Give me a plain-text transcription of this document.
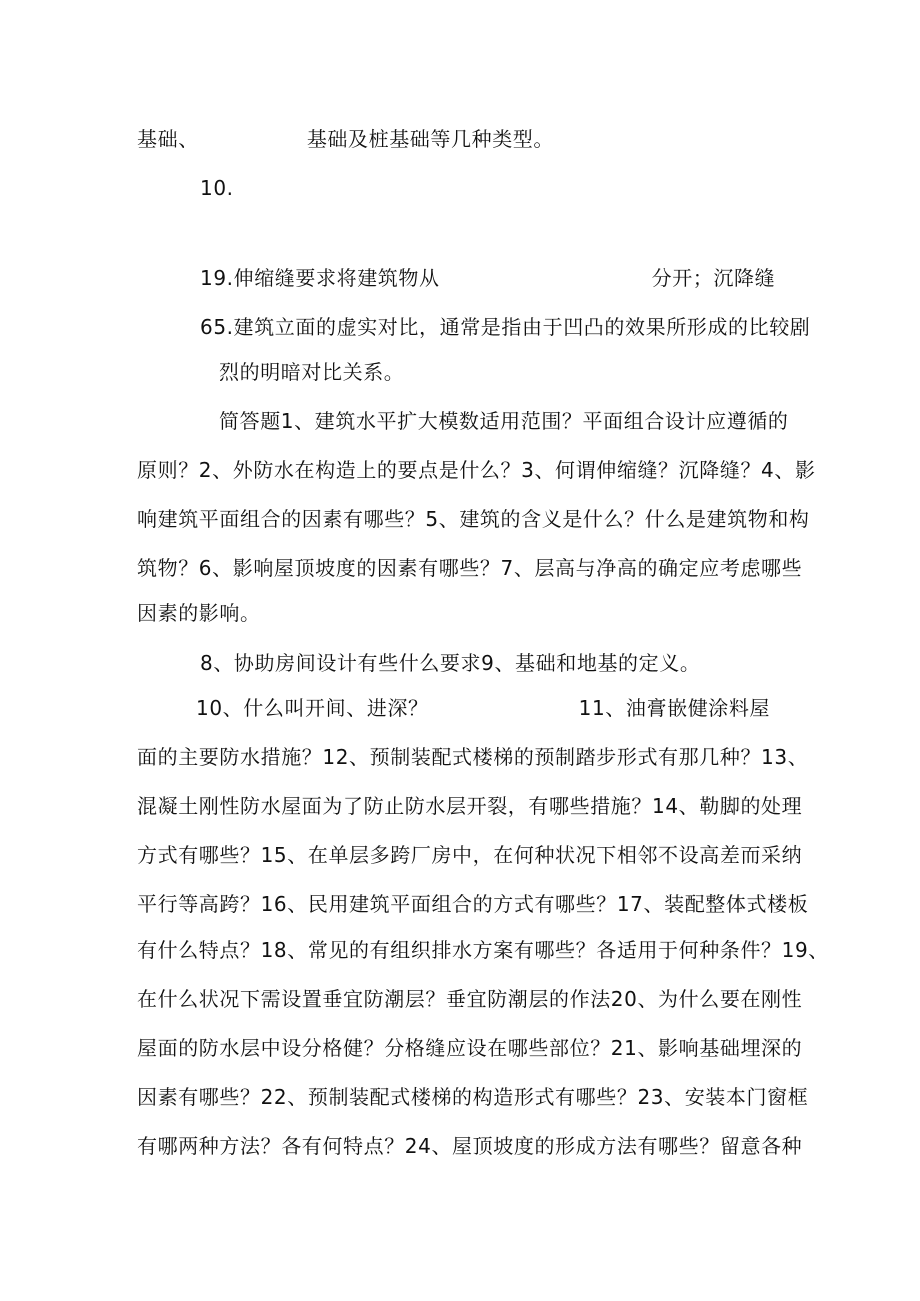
基础、	基础及桩基础等几种类型。
10.
19.伸缩缝要求将建筑物从	分开；沉降缝
65.建筑立面的虚实对比，通常是指由于凹凸的效果所形成的比较剧
烈的明暗对比关系。
简答题1、建筑水平扩大模数适用范围？平面组合设计应遵循的
原则？2、外防水在构造上的要点是什么？3、何谓伸缩缝？沉降缝？4、影
响建筑平面组合的因素有哪些？5、建筑的含义是什么？什么是建筑物和构
筑物？6、影响屋顶坡度的因素有哪些？7、层高与净高的确定应考虑哪些
因素的影响。
8、协助房间设计有些什么要求9、基础和地基的定义。
10、什么叫开间、进深？	11、油膏嵌健涂料屋
面的主要防水措施？12、预制装配式楼梯的预制踏步形式有那几种？13、
混凝土刚性防水屋面为了防止防水层开裂，有哪些措施？14、勒脚的处理
方式有哪些？15、在单层多跨厂房中，在何种状况下相邻不设高差而采纳
平行等高跨？16、民用建筑平面组合的方式有哪些？17、装配整体式楼板
有什么特点？18、常见的有组织排水方案有哪些？各适用于何种条件？19、
在什么状况下需设置垂宜防潮层？垂宜防潮层的作法20、为什么要在刚性
屋面的防水层中设分格健？分格缝应设在哪些部位？21、影响基础埋深的
因素有哪些？22、预制装配式楼梯的构造形式有哪些？23、安装本门窗框
有哪两种方法？各有何特点？24、屋顶坡度的形成方法有哪些？留意各种
